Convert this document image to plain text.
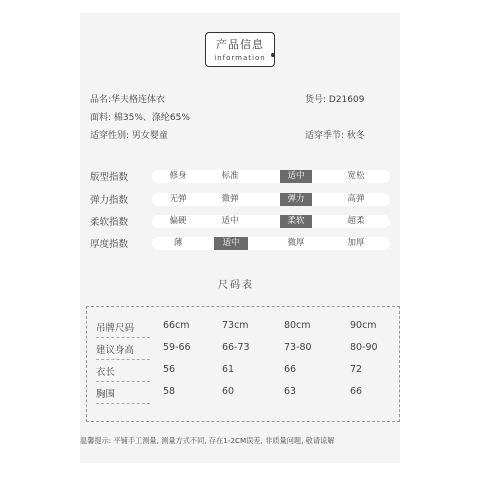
产品信息
information
品名:华夫格连体衣	货号: D21609
面料: 棉35%、涤纶65%
适穿性别: 男女婴童	适穿季节: 秋冬
版型指数	修身	标准	适中	宽松
弹力指数	无弹	微弹	弹力	高弹
柔软指数	偏硬	适中	柔软	超柔
厚度指数	薄	适中	微厚	加厚
尺码表
吊牌尺码	66cm	73cm	80cm	90cm
建议身高	59-66	66-73	73-80	80-90
衣长	56	61	66	72
胸围	58	60	63	66
温馨提示: 平铺手工测量, 测量方式不同, 存在1-2CM误差, 非质量问题, 敬请谅解
